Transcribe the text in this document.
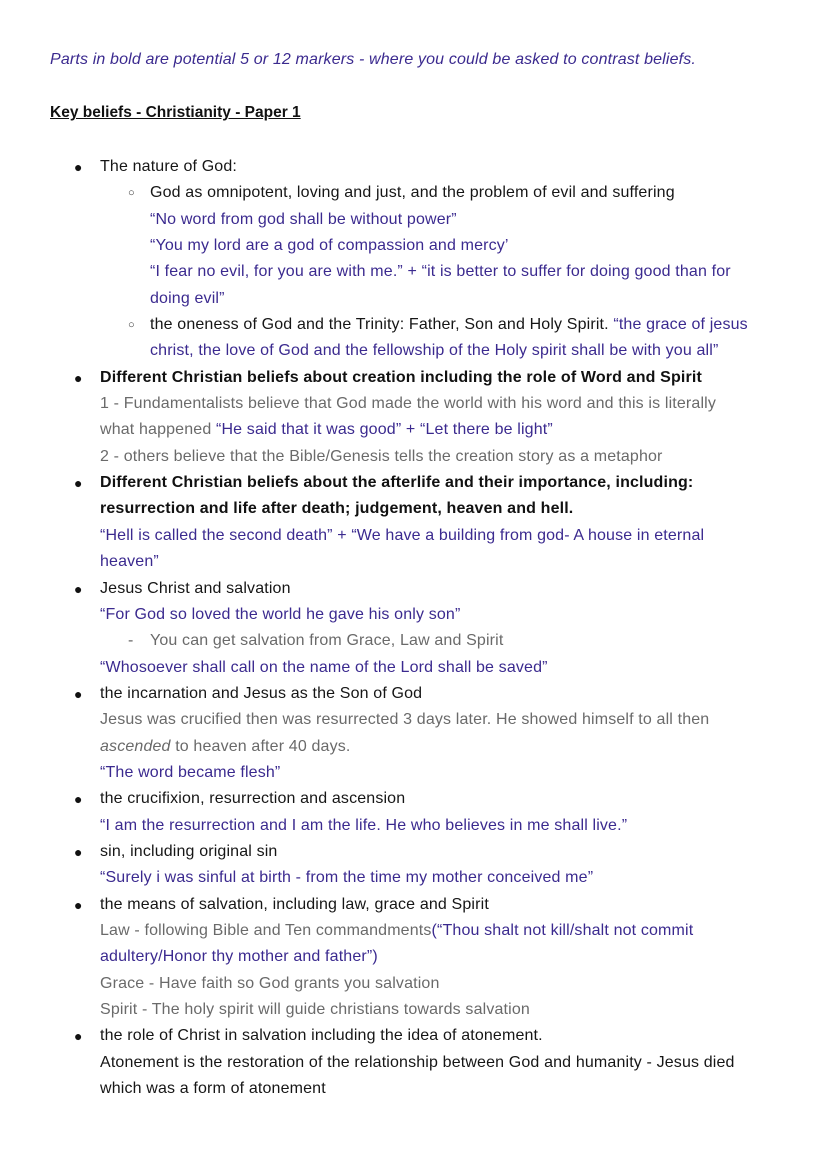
Parts in bold are potential 5 or 12 markers - where you could be asked to contrast beliefs.
Key beliefs - Christianity - Paper 1
● The nature of God:
○ God as omnipotent, loving and just, and the problem of evil and suffering
“No word from god shall be without power”
“You my lord are a god of compassion and mercy’
“I fear no evil, for you are with me.” + “it is better to suffer for doing good than for
doing evil”
○ the oneness of God and the Trinity: Father, Son and Holy Spirit. “the grace of jesus
christ, the love of God and the fellowship of the Holy spirit shall be with you all”
● Different Christian beliefs about creation including the role of Word and Spirit
1 - Fundamentalists believe that God made the world with his word and this is literally
what happened “He said that it was good” + “Let there be light”
2 - others believe that the Bible/Genesis tells the creation story as a metaphor
● Different Christian beliefs about the afterlife and their importance, including:
resurrection and life after death; judgement, heaven and hell.
“Hell is called the second death” + “We have a building from god- A house in eternal
heaven”
● Jesus Christ and salvation
“For God so loved the world he gave his only son”
- You can get salvation from Grace, Law and Spirit
“Whosoever shall call on the name of the Lord shall be saved”
● the incarnation and Jesus as the Son of God
Jesus was crucified then was resurrected 3 days later. He showed himself to all then
ascended to heaven after 40 days.
“The word became flesh”
● the crucifixion, resurrection and ascension
“I am the resurrection and I am the life. He who believes in me shall live.”
● sin, including original sin
“Surely i was sinful at birth - from the time my mother conceived me”
● the means of salvation, including law, grace and Spirit
Law - following Bible and Ten commandments(“Thou shalt not kill/shalt not commit
adultery/Honor thy mother and father”)
Grace - Have faith so God grants you salvation
Spirit - The holy spirit will guide christians towards salvation
● the role of Christ in salvation including the idea of atonement.
Atonement is the restoration of the relationship between God and humanity - Jesus died
which was a form of atonement
